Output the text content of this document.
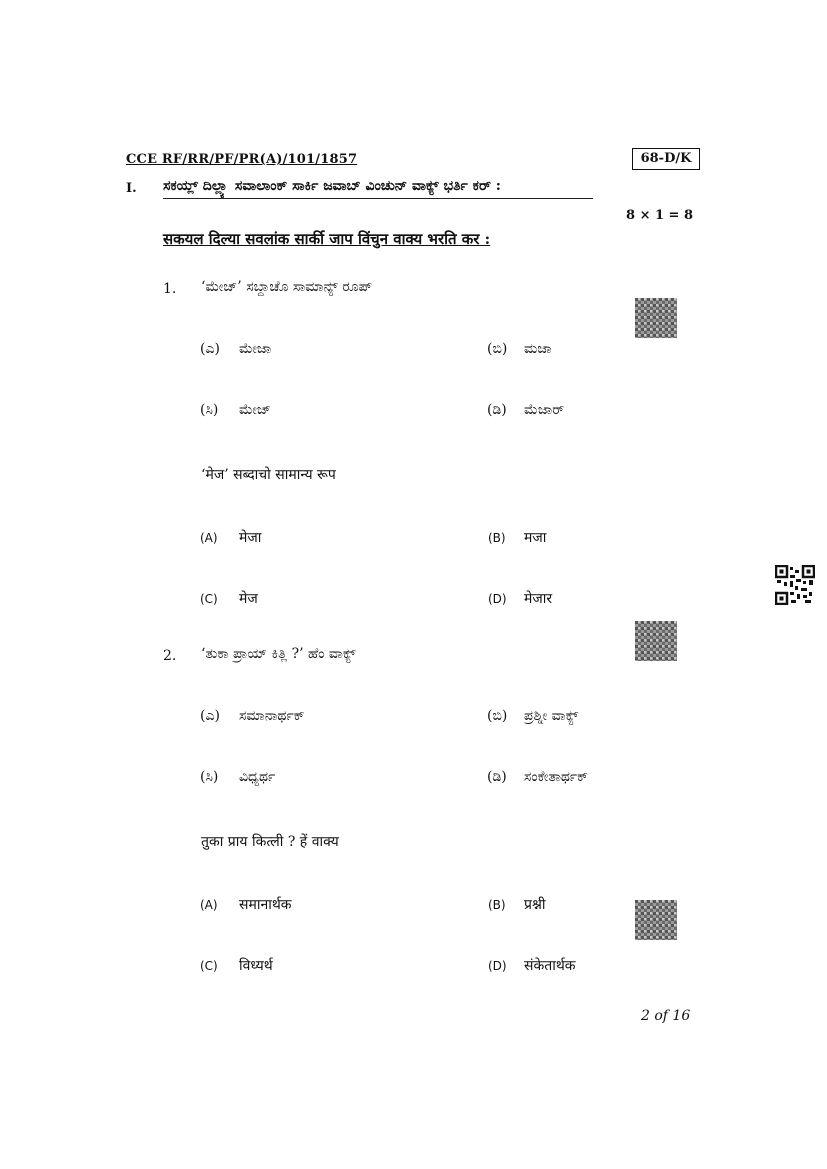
CCE RF/RR/PF/PR(A)/101/1857	68-D/K
I. ಸಕಯ್ಲ್ ದಿಲ್ಲ್ಯಾ ಸವಾಲಾಂಕ್ ಸಾರ್ಕಿ ಜವಾಬ್ ವಿಂಚುನ್ ವಾಕ್ಯ್ ಭರ್ತಿ ಕರ್ :
8 × 1 = 8
सकयल दिल्या सवलांक सार्की जाप विंचुन वाक्य भरति कर :
1. ‘ಮೇಜ್’ ಸಬ್ದಾಚೊ ಸಾಮಾನ್ಯ್ ರೂಪ್
(ಎ) ಮೇಜಾ	(ಬಿ) ಮಜಾ
(ಸಿ) ಮೇಜ್	(ಡಿ) ಮೆಜಾರ್
‘मेज’ सब्दाचो सामान्य रूप
(A) मेजा	(B) मजा
(C) मेज	(D) मेजार
2. ‘ತುಕಾ ಪ್ರಾಯ್ ಕಿತ್ಲಿ ?’ ಹೆಂ ವಾಕ್ಯ್
(ಎ) ಸಮಾನಾರ್ಥಕ್	(ಬಿ) ಪ್ರಶ್ನೀ ವಾಕ್ಯ್
(ಸಿ) ವಿಧ್ಯರ್ಥ	(ಡಿ) ಸಂಕೇತಾರ್ಥಕ್
तुका प्राय कित्ली ? हें वाक्य
(A) समानार्थक	(B) प्रश्नी
(C) विध्यर्थ	(D) संकेतार्थक
2 of 16
